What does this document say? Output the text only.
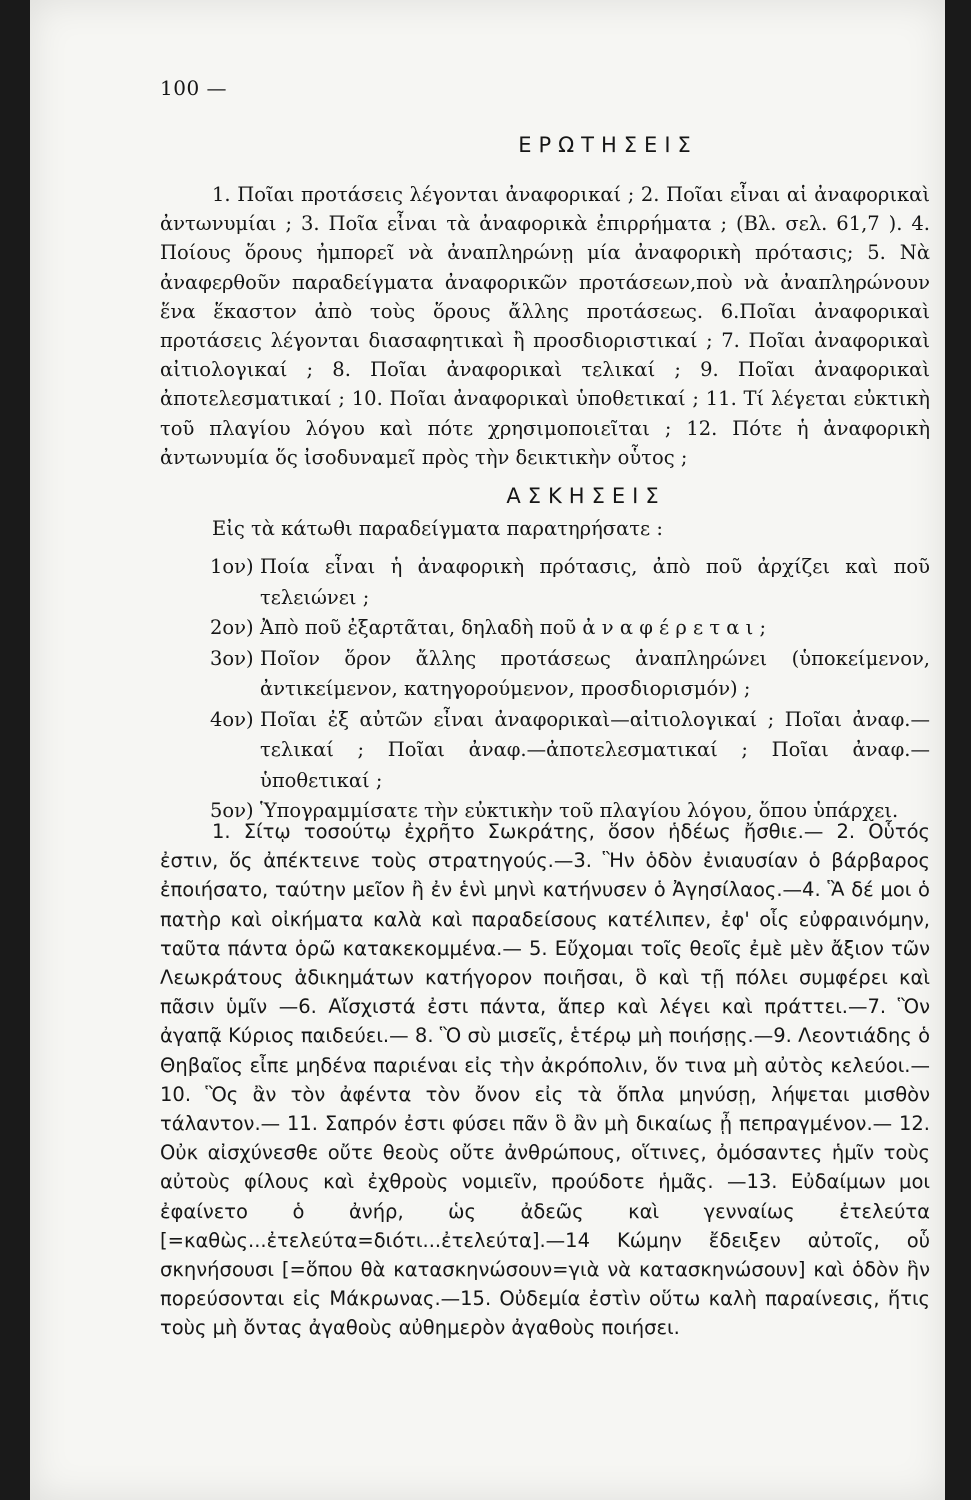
100 —
ΕΡΩΤΗΣΕΙΣ
1. Ποῖαι προτάσεις λέγονται ἀναφορικαί ; 2. Ποῖαι εἶναι αἱ ἀναφορικαὶ ἀντωνυμίαι ; 3. Ποῖα εἶναι τὰ ἀναφορικὰ ἐπιρρήματα ; (Βλ. σελ. 61,7 ). 4. Ποίους ὅρους ἠμπορεῖ νὰ ἀναπληρώνῃ μία ἀναφορικὴ πρότασις; 5. Νὰ ἀναφερθοῦν παραδείγματα ἀναφορικῶν προτάσεων,ποὺ νὰ ἀναπληρώνουν ἕνα ἕκαστον ἀπὸ τοὺς ὅρους ἄλλης προτάσεως. 6.Ποῖαι ἀναφορικαὶ προτάσεις λέγονται διασαφητικαὶ ἢ προσδιοριστικαί ; 7. Ποῖαι ἀναφορικαὶ αἰτιολογικαί ; 8. Ποῖαι ἀναφορικαὶ τελικαί ; 9. Ποῖαι ἀναφορικαὶ ἀποτελεσματικαί ; 10. Ποῖαι ἀναφορικαὶ ὑποθετικαί ; 11. Τί λέγεται εὐκτικὴ τοῦ πλαγίου λόγου καὶ πότε χρησιμοποιεῖται ; 12. Πότε ἡ ἀναφορικὴ ἀντωνυμία ὅς ἰσοδυναμεῖ πρὸς τὴν δεικτικὴν οὗτος ;
ΑΣΚΗΣΕΙΣ
Εἰς τὰ κάτωθι παραδείγματα παρατηρήσατε :
1ον) Ποία εἶναι ἡ ἀναφορικὴ πρότασις, ἀπὸ ποῦ ἀρχίζει καὶ ποῦ τελειώνει ;
2ον) Ἀπὸ ποῦ ἐξαρτᾶται, δηλαδὴ ποῦ ἀ ν α φ έ ρ ε τ α ι ;
3ον) Ποῖον ὅρον ἄλλης προτάσεως ἀναπληρώνει (ὑποκείμενον, ἀντικείμενον, κατηγορούμενον, προσδιορισμόν) ;
4ον) Ποῖαι ἐξ αὐτῶν εἶναι ἀναφορικαὶ—αἰτιολογικαί ; Ποῖαι ἀναφ.—τελικαί ; Ποῖαι ἀναφ.—ἀποτελεσματικαί ; Ποῖαι ἀναφ.—ὑποθετικαί ;
5ον) Ὑπογραμμίσατε τὴν εὐκτικὴν τοῦ πλαγίου λόγου, ὅπου ὑπάρχει.
1. Σίτῳ τοσούτῳ ἐχρῆτο Σωκράτης, ὅσον ἡδέως ἤσθιε.— 2. Οὗτός ἐστιν, ὅς ἀπέκτεινε τοὺς στρατηγούς.—3. Ἣν ὁδὸν ἐνιαυσίαν ὁ βάρβαρος ἐποιήσατο, ταύτην μεῖον ἢ ἐν ἑνὶ μηνὶ κατήνυσεν ὁ Ἀγησίλαος.—4. Ἃ δέ μοι ὁ πατὴρ καὶ οἰκήματα καλὰ καὶ παραδείσους κατέλιπεν, ἐφ' οἷς εὐφραινόμην, ταῦτα πάντα ὁρῶ κατακεκομμένα.— 5. Εὔχομαι τοῖς θεοῖς ἐμὲ μὲν ἄξιον τῶν Λεωκράτους ἀδικημάτων κατήγορον ποιῆσαι, ὃ καὶ τῇ πόλει συμφέρει καὶ πᾶσιν ὑμῖν —6. Αἴσχιστά ἐστι πάντα, ἅπερ καὶ λέγει καὶ πράττει.—7. Ὃν ἀγαπᾷ Κύριος παιδεύει.— 8. Ὃ σὺ μισεῖς, ἑτέρῳ μὴ ποιήσῃς.—9. Λεοντιάδης ὁ Θηβαῖος εἶπε μηδένα παριέναι εἰς τὴν ἀκρόπολιν, ὅν τινα μὴ αὐτὸς κελεύοι.—10. Ὃς ἂν τὸν ἀφέντα τὸν ὄνον εἰς τὰ ὅπλα μηνύσῃ, λήψεται μισθὸν τάλαντον.— 11. Σαπρόν ἐστι φύσει πᾶν ὃ ἂν μὴ δικαίως ᾖ πεπραγμένον.— 12. Οὐκ αἰσχύνεσθε οὔτε θεοὺς οὔτε ἀνθρώπους, οἵτινες, ὀμόσαντες ἡμῖν τοὺς αὐτοὺς φίλους καὶ ἐχθροὺς νομιεῖν, προύδοτε ἡμᾶς. —13. Εὐδαίμων μοι ἐφαίνετο ὁ ἀνήρ, ὡς ἀδεῶς καὶ γενναίως ἐτελεύτα [=καθὼς...ἐτελεύτα=διότι...ἐτελεύτα].—14 Κώμην ἔδειξεν αὐτοῖς, οὗ σκηνήσουσι [=ὅπου θὰ κατασκηνώσουν=γιὰ νὰ κατασκηνώσουν] καὶ ὁδὸν ἣν πορεύσονται εἰς Μάκρωνας.—15. Οὐδεμία ἐστὶν οὕτω καλὴ παραίνεσις, ἥτις τοὺς μὴ ὄντας ἀγαθοὺς αὐθημερὸν ἀγαθοὺς ποιήσει.
